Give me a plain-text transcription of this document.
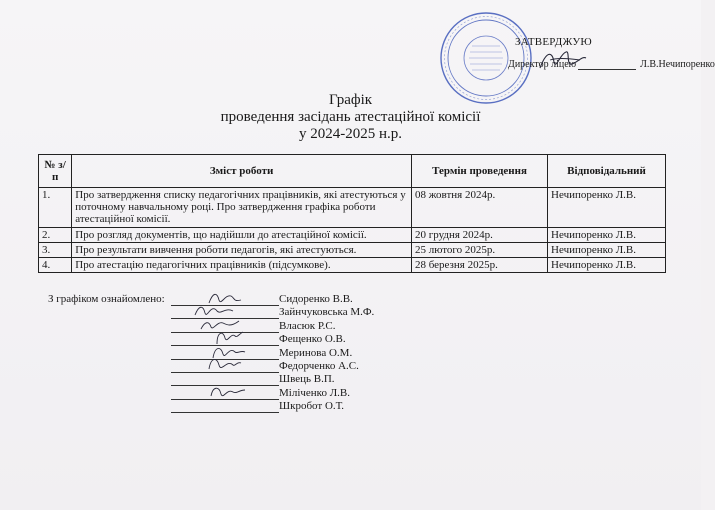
ЗАТВЕРДЖУЮ
Директор ліцею	Л.В.Нечипоренко
Графік
проведення засідань атестаційної комісії
у 2024-2025 н.р.
№ з/п	Зміст роботи	Термін проведення	Відповідальний
1.	Про затвердження списку педагогічних працівників, які атестуються у поточному навчальному році. Про затвердження графіка роботи атестаційної комісії.	08 жовтня 2024р.	Нечипоренко Л.В.
2.	Про розгляд документів, що надійшли до атестаційної комісії.	20 грудня 2024р.	Нечипоренко Л.В.
3.	Про результати вивчення роботи педагогів, які атестуються.	25 лютого 2025р.	Нечипоренко Л.В.
4.	Про атестацію педагогічних працівників (підсумкове).	28 березня 2025р.	Нечипоренко Л.В.
З графіком ознайомлено:	Сидоренко В.В.
Зайнчуковська М.Ф.
Власюк Р.С.
Фещенко О.В.
Меринова О.М.
Федорченко А.С.
Швець В.П.
Міліченко Л.В.
Шкробот О.Т.
